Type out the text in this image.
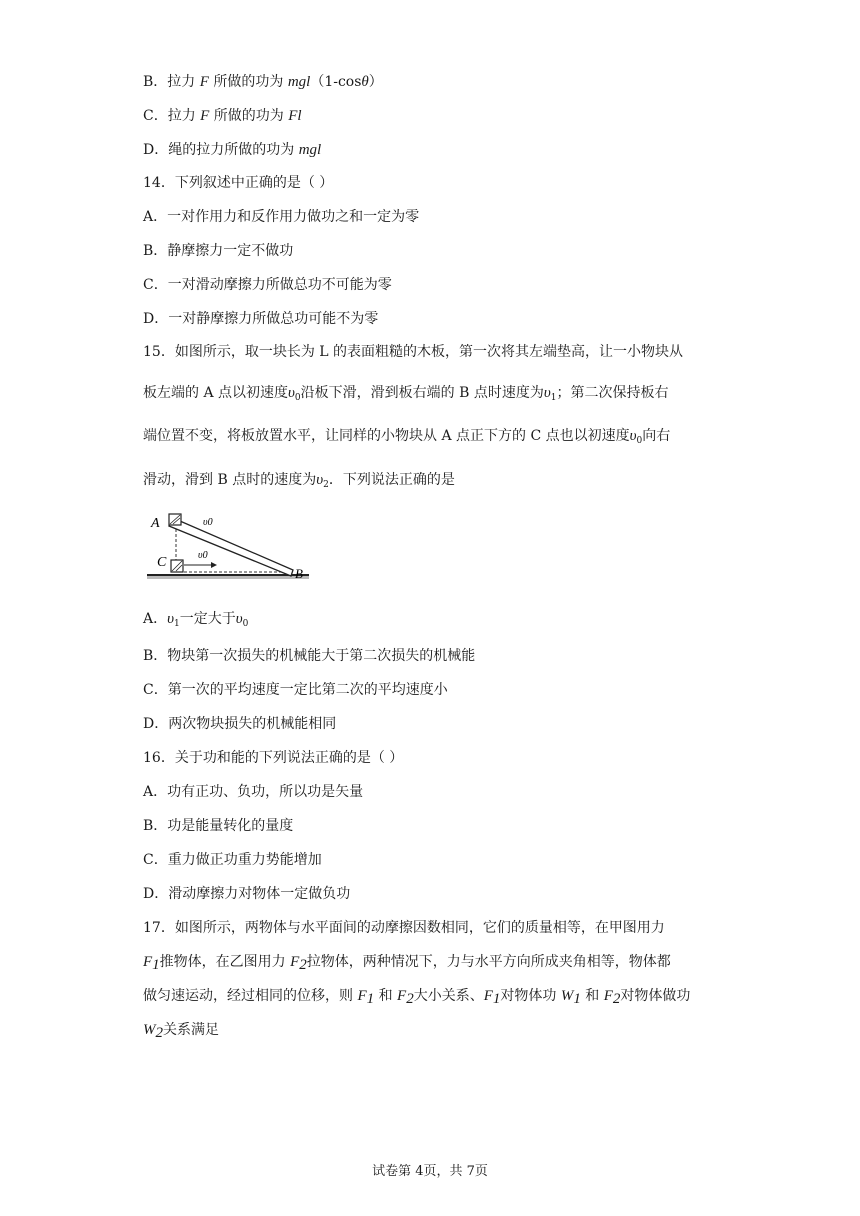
B．拉力 F 所做的功为 mgl（1-cosθ）
C．拉力 F 所做的功为 Fl
D．绳的拉力所做的功为 mgl
14．下列叙述中正确的是（ ）
A．一对作用力和反作用力做功之和一定为零
B．静摩擦力一定不做功
C．一对滑动摩擦力所做总功不可能为零
D．一对静摩擦力所做总功可能不为零
15．如图所示，取一块长为 L 的表面粗糙的木板，第一次将其左端垫高，让一小物块从
板左端的 A 点以初速度$\upsilon_0$沿板下滑，滑到板右端的 B 点时速度为$\upsilon_1$；第二次保持板右
端位置不变，将板放置水平，让同样的小物块从 A 点正下方的 C 点也以初速度$\upsilon_0$向右
滑动，滑到 B 点时的速度为$\upsilon_2$．下列说法正确的是
A
C
B
υ0
υ0
A．$\upsilon_1$一定大于$\upsilon_0$
B．物块第一次损失的机械能大于第二次损失的机械能
C．第一次的平均速度一定比第二次的平均速度小
D．两次物块损失的机械能相同
16．关于功和能的下列说法正确的是（ ）
A．功有正功、负功，所以功是矢量
B．功是能量转化的量度
C．重力做正功重力势能增加
D．滑动摩擦力对物体一定做负功
17．如图所示，两物体与水平面间的动摩擦因数相同，它们的质量相等，在甲图用力
$F_1$推物体，在乙图用力 $F_2$拉物体，两种情况下，力与水平方向所成夹角相等，物体都
做匀速运动，经过相同的位移，则 $F_1$ 和 $F_2$大小关系、$F_1$对物体功 $W_1$ 和 $F_2$对物体做功
$W_2$关系满足
试卷第 4页，共 7页
